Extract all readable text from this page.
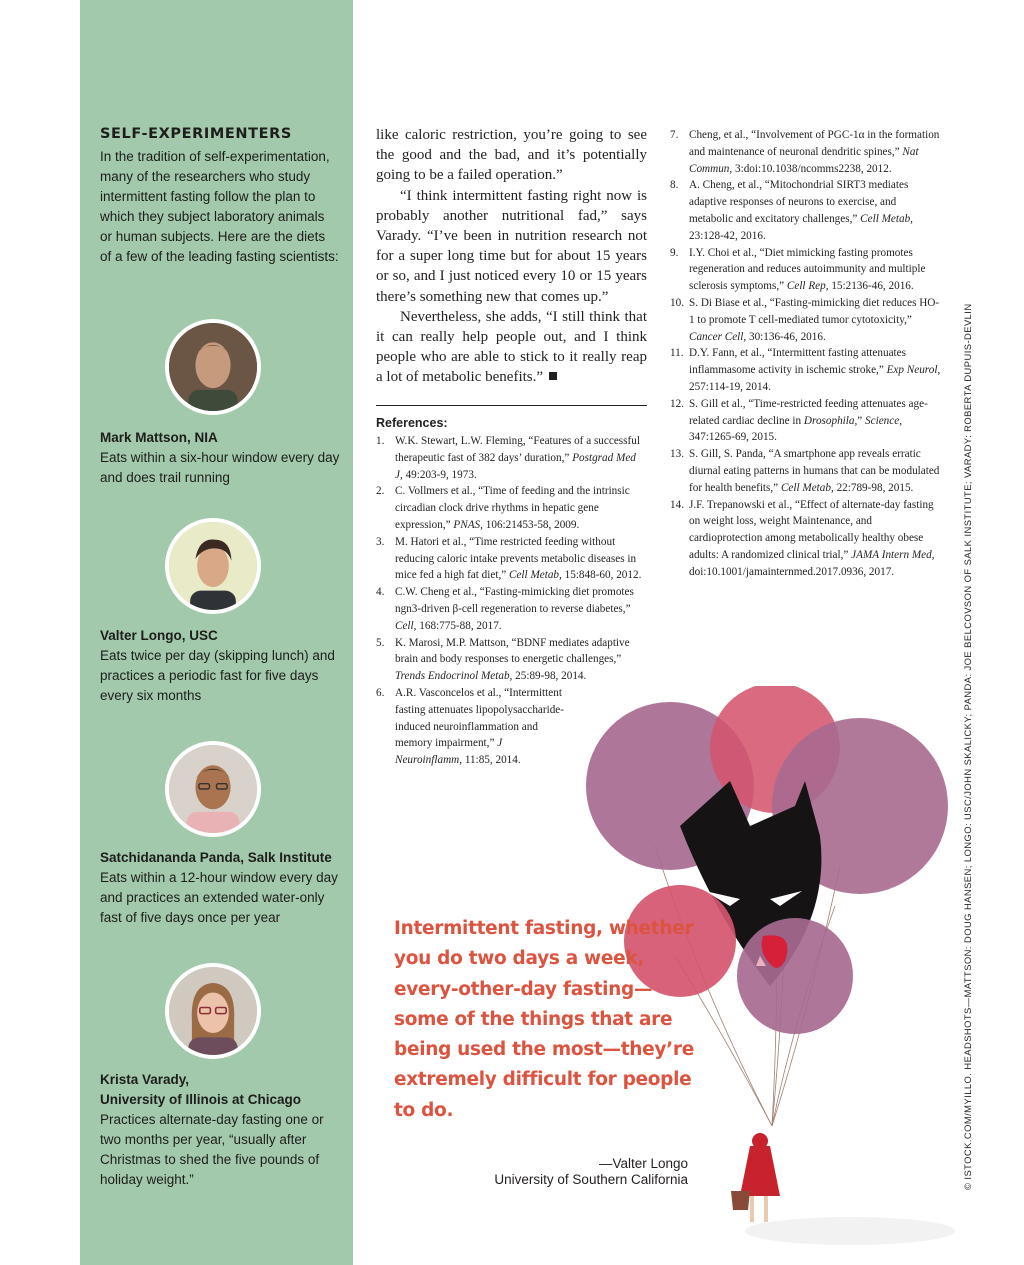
SELF-EXPERIMENTERS
In the tradition of self-experimentation, many of the researchers who study intermittent fasting follow the plan to which they subject laboratory animals or human subjects. Here are the diets of a few of the leading fasting scientists:
Mark Mattson, NIA
Eats within a six-hour window every day and does trail running
Valter Longo, USC
Eats twice per day (skipping lunch) and practices a periodic fast for five days every six months
Satchidananda Panda, Salk Institute
Eats within a 12-hour window every day and practices an extended water-only fast of five days once per year
Krista Varady,
University of Illinois at Chicago
Practices alternate-day fasting one or two months per year, “usually after Christmas to shed the five pounds of holiday weight.”

like caloric restriction, you’re going to see the good and the bad, and it’s potentially going to be a failed operation.”

“I think intermittent fasting right now is probably another nutritional fad,” says Varady. “I’ve been in nutrition research not for a super long time but for about 15 years or so, and I just noticed every 10 or 15 years there’s something new that comes up.”

Nevertheless, she adds, “I still think that it can really help people out, and I think people who are able to stick to it really reap a lot of metabolic benefits.”

References:
1. W.K. Stewart, L.W. Fleming, “Features of a successful therapeutic fast of 382 days’ duration,” Postgrad Med J, 49:203-9, 1973.
2. C. Vollmers et al., “Time of feeding and the intrinsic circadian clock drive rhythms in hepatic gene expression,” PNAS, 106:21453-58, 2009.
3. M. Hatori et al., “Time restricted feeding without reducing caloric intake prevents metabolic diseases in mice fed a high fat diet,” Cell Metab, 15:848-60, 2012.
4. C.W. Cheng et al., “Fasting-mimicking diet promotes ngn3-driven β-cell regeneration to reverse diabetes,” Cell, 168:775-88, 2017.
5. K. Marosi, M.P. Mattson, “BDNF mediates adaptive brain and body responses to energetic challenges,” Trends Endocrinol Metab, 25:89-98, 2014.
6. A.R. Vasconcelos et al., “Intermittent fasting attenuates lipopolysaccharide-induced neuroinflammation and memory impairment,” J Neuroinflamm, 11:85, 2014.
7. Cheng, et al., “Involvement of PGC-1α in the formation and maintenance of neuronal dendritic spines,” Nat Commun, 3:doi:10.1038/ncomms2238, 2012.
8. A. Cheng, et al., “Mitochondrial SIRT3 mediates adaptive responses of neurons to exercise, and metabolic and excitatory challenges,” Cell Metab, 23:128-42, 2016.
9. I.Y. Choi et al., “Diet mimicking fasting promotes regeneration and reduces autoimmunity and multiple sclerosis symptoms,” Cell Rep, 15:2136-46, 2016.
10. S. Di Biase et al., “Fasting-mimicking diet reduces HO-1 to promote T cell-mediated tumor cytotoxicity,” Cancer Cell, 30:136-46, 2016.
11. D.Y. Fann, et al., “Intermittent fasting attenuates inflammasome activity in ischemic stroke,” Exp Neurol, 257:114-19, 2014.
12. S. Gill et al., “Time-restricted feeding attenuates age-related cardiac decline in Drosophila,” Science, 347:1265-69, 2015.
13. S. Gill, S. Panda, “A smartphone app reveals erratic diurnal eating patterns in humans that can be modulated for health benefits,” Cell Metab, 22:789-98, 2015.
14. J.F. Trepanowski et al., “Effect of alternate-day fasting on weight loss, weight Maintenance, and cardioprotection among metabolically healthy obese adults: A randomized clinical trial,” JAMA Intern Med, doi:10.1001/jamainternmed.2017.0936, 2017.
Intermittent fasting, whether you do two days a week, every-other-day fasting—some of the things that are being used the most—they’re extremely difficult for people to do.
—Valter Longo
University of Southern California	© ISTOCK.COM/MYILLO. HEADSHOTS—MATTSON: DOUG HANSEN; LONGO: USC/JOHN SKALICKY; PANDA: JOE BELCOVSON OF SALK INSTITUTE; VARADY: ROBERTA DUPUIS-DEVLIN
